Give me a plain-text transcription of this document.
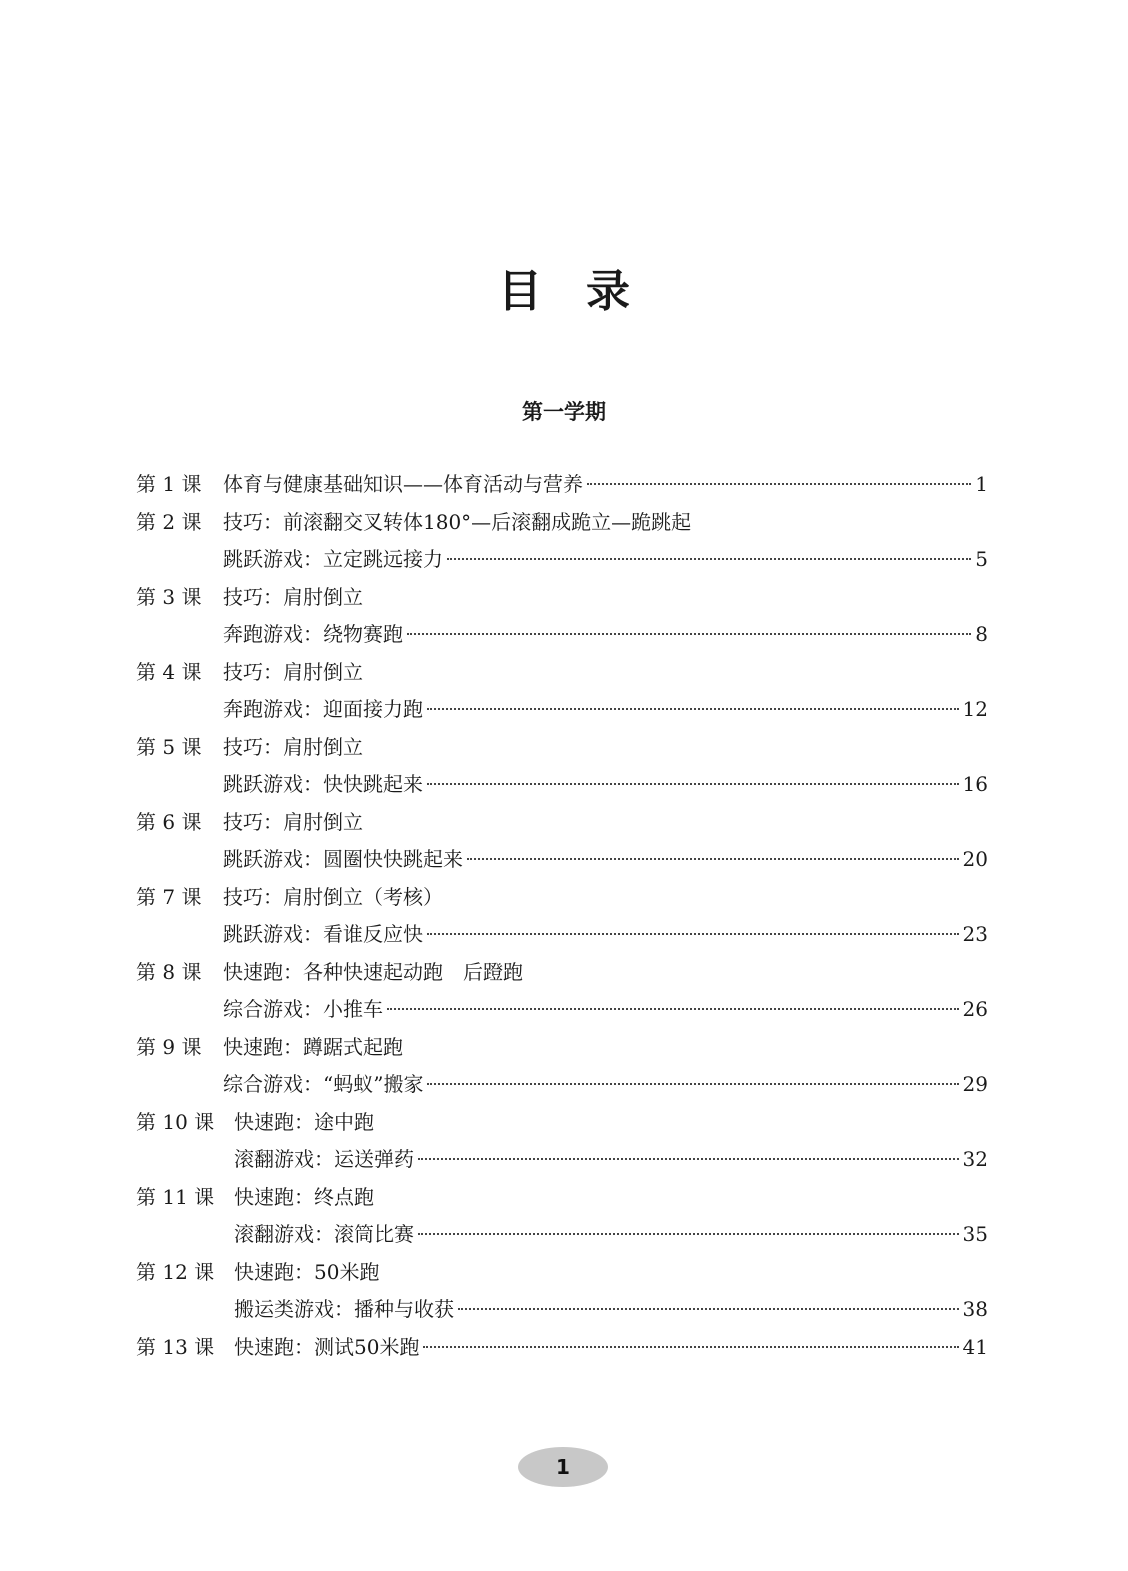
目录
第一学期
第 1 课	体育与健康基础知识——体育活动与营养	1
第 2 课	技巧：前滚翻交叉转体180°—后滚翻成跪立—跪跳起
跳跃游戏：立定跳远接力	5
第 3 课	技巧：肩肘倒立
奔跑游戏：绕物赛跑	8
第 4 课	技巧：肩肘倒立
奔跑游戏：迎面接力跑	12
第 5 课	技巧：肩肘倒立
跳跃游戏：快快跳起来	16
第 6 课	技巧：肩肘倒立
跳跃游戏：圆圈快快跳起来	20
第 7 课	技巧：肩肘倒立（考核）
跳跃游戏：看谁反应快	23
第 8 课	快速跑：各种快速起动跑　后蹬跑
综合游戏：小推车	26
第 9 课	快速跑：蹲踞式起跑
综合游戏：“蚂蚁”搬家	29
第 10 课 快速跑：途中跑
滚翻游戏：运送弹药	32
第 11 课 快速跑：终点跑
滚翻游戏：滚筒比赛	35
第 12 课 快速跑：50米跑
搬运类游戏：播种与收获	38
第 13 课 快速跑：测试50米跑	41
1
